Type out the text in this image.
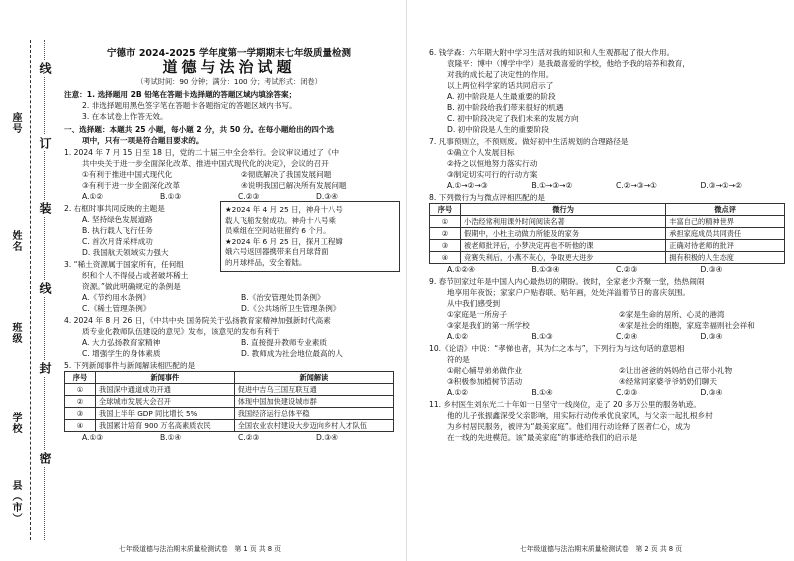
县（市）
学校
班级
姓名
座号
密
封
线
装
订
线
宁德市 2024-2025 学年度第一学期期末七年级质量检测
道德与法治试题
（考试时间：90 分钟；满分：100 分；考试形式：闭卷）
注意：1. 选择题用 2B 铅笔在答题卡选择题的答题区域内填涂答案；
2. 非选择题用黑色签字笔在答题卡各题指定的答题区域内书写。
3. 在本试卷上作答无效。
一、选择题：本题共 25 小题，每小题 2 分，共 50 分。在每小题给出的四个选
项中，只有一项是符合题目要求的。
1. 2024 年 7 月 15 日至 18 日，党的二十届三中全会举行。会议审议通过了《中
共中央关于进一步全面深化改革、推进中国式现代化的决定》，会议的召开
①有利于推进中国式现代化	②彻底解决了我国发展问题
③有利于进一步全面深化改革	④说明我国已解决所有发展问题
A.①②	B.①③	C.②③	D.③④
2. 右框时事共同反映的主题是
A. 坚持绿色发展道路
B. 执行载人飞行任务
C. 首次月背采样成功
D. 我国航天领域实力强大
★2024 年 4 月 25 日，神舟十八号
载人飞船发射成功。神舟十八号乘
员乘组在空间站驻留约 6 个月。
★2024 年 6 月 25 日，探月工程嫦
娥六号返回器携带来自月球背面
的月球样品，安全着陆。
3. “稀土资源属于国家所有，任何组
织和个人不得侵占或者破坏稀土
资源。”做此明确规定的条例是
A.《节约用水条例》	B.《治安管理处罚条例》
C.《稀土管理条例》	D.《公共场所卫生管理条例》
4. 2024 年 8 月 26 日，《中共中央 国务院关于弘扬教育家精神加强新时代高素
质专业化教师队伍建设的意见》发布，该意见的发布有利于
A. 大力弘扬教育家精神	B. 直接提升教师专业素质
C. 增强学生的身体素质	D. 教师成为社会地位最高的人
5. 下列新闻事件与新闻解读相匹配的是
序号	新闻事件	新闻解读
①	我国深中通道成功开通	促进中吉乌三国互联互通
②	全球城市发展大会召开	体现中国加快建设城市群
③	我国上半年 GDP 同比增长 5%	我国经济运行总体平稳
④	我国累计培育 900 万名高素质农民	全国农业农村建设大步迈向乡村人才队伍
A.①③	B.①④	C.②③	D.③④
七年级道德与法治期末质量检测试卷　第 1 页 共 8 页
6. 钱学森：六年期大附中学习生活对我的知识和人生观都起了很大作用。
袁隆平：博中（博学中学）是我最喜爱的学校，他给予我的培养和教育，
对我的成长起了决定性的作用。
以上两位科学家的话共同启示了
A. 初中阶段是人生最重要的阶段
B. 初中阶段给我们带来很好的机遇
C. 初中阶段决定了我们未来的发展方向
D. 初中阶段是人生的重要阶段
7. 凡事预则立，不预则废。做好初中生活规划的合理路径是
①确立个人发展目标
②持之以恒地努力落实行动
③制定切实可行的行动方案
A.①→②→③	B.①→③→②	C.②→③→①	D.③→①→②
8. 下列微行为与微点评相匹配的是
序号	微行为	微点评
①	小浩经常利用课外时间阅读名著	丰富自己的精神世界
②	假期中，小杜主动做力所能及的家务	承担家庭成员共同责任
③	被老师批评后，小梦决定再也不听他的课	正确对待老师的批评
④	竞赛失利后，小燕不灰心，争取更大进步	拥有积极的人生态度
A.①②④	B.①③④	C.②③	D.③④
9. 春节回家过年是中国人内心最热切的期盼。彼时，全家老少齐聚一堂，热热闹闹
地享用年夜饭；家家户户贴春联、贴年画，处处洋溢着节日的喜庆氛围。
从中我们感受到
①家庭是一所房子	②家是生命的居所、心灵的港湾
③家是我们的第一所学校	④家是社会的细胞，家庭幸福则社会祥和
A.①②	B.①③	C.②④	D.③④
10.《论语》中说：“孝悌也者，其为仁之本与”，下列行为与这句话的意思相
符的是
①耐心辅导弟弟做作业	②让出爸爸的妈妈给自己带小礼物
③积极参加植树节活动	④经常同家婆爷爷奶奶们聊天
A.①②	B.①④	C.②③	D.③④
11. 乡村医生刘东光二十年如一日坚守一线岗位，走了 20 多万公里的服务轨迹。
他的儿子张振鑫深受父亲影响，用实际行动传承优良家风，与父亲一起扎根乡村
为乡村居民服务，被评为“最美家庭”。他们用行动诠释了医者仁心，成为
在一线的先进模范。该“最美家庭”的事迹给我们的启示是
七年级道德与法治期末质量检测试卷　第 2 页 共 8 页
